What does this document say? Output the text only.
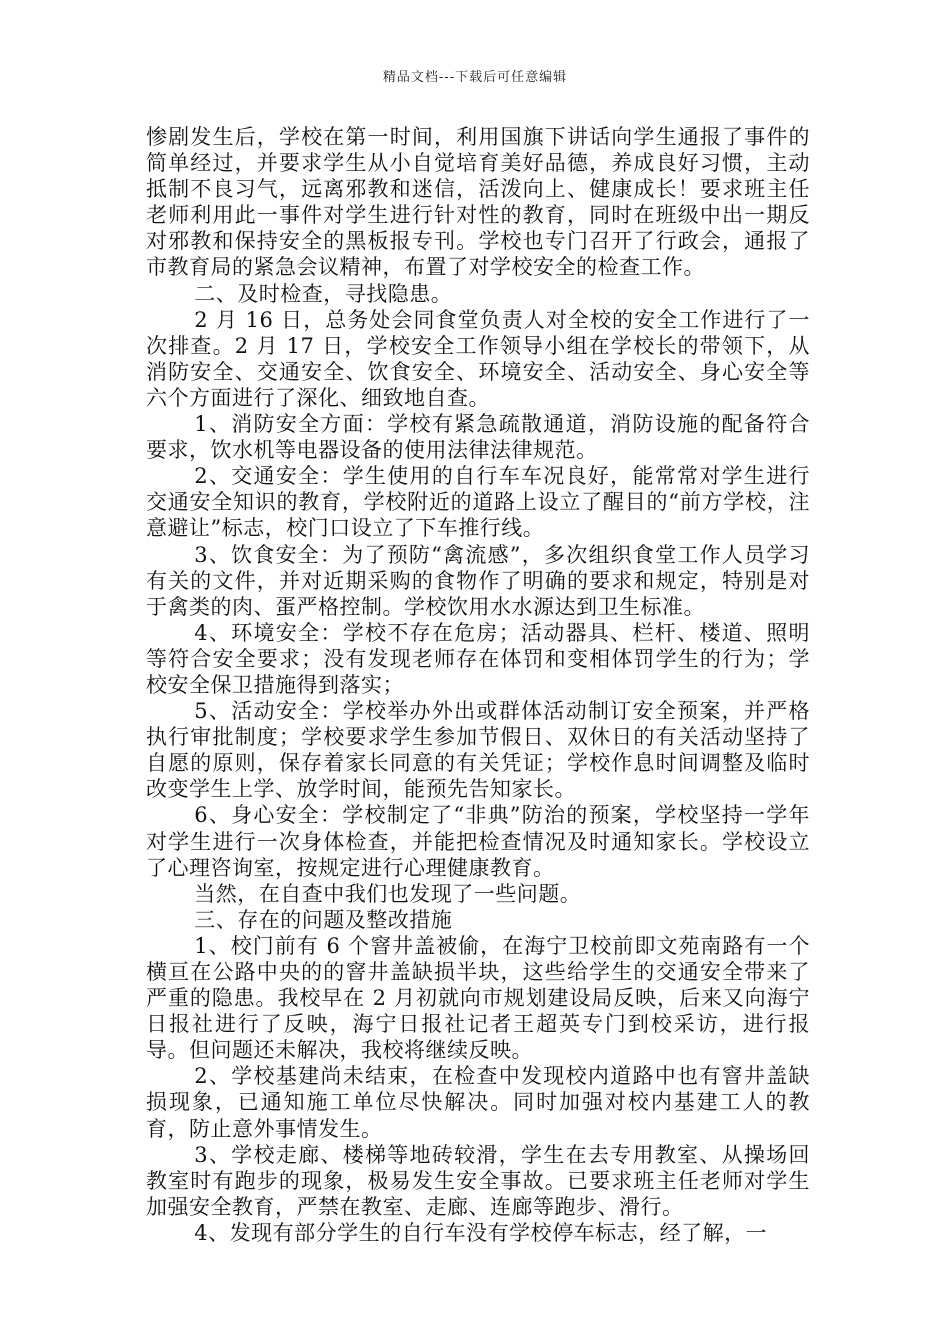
精品文档---下载后可任意编辑

惨剧发生后，学校在第一时间，利用国旗下讲话向学生通报了事件的简单经过，并要求学生从小自觉培育美好品德，养成良好习惯，主动抵制不良习气，远离邪教和迷信，活泼向上、健康成长！要求班主任老师利用此一事件对学生进行针对性的教育，同时在班级中出一期反对邪教和保持安全的黑板报专刊。学校也专门召开了行政会，通报了市教育局的紧急会议精神，布置了对学校安全的检查工作。

二、及时检查，寻找隐患。

2 月 16 日，总务处会同食堂负责人对全校的安全工作进行了一次排查。2 月 17 日，学校安全工作领导小组在学校长的带领下，从消防安全、交通安全、饮食安全、环境安全、活动安全、身心安全等六个方面进行了深化、细致地自查。

1、消防安全方面：学校有紧急疏散通道，消防设施的配备符合要求，饮水机等电器设备的使用法律法律规范。

2、交通安全：学生使用的自行车车况良好，能常常对学生进行交通安全知识的教育，学校附近的道路上设立了醒目的“前方学校，注意避让”标志，校门口设立了下车推行线。

3、饮食安全：为了预防“禽流感”，多次组织食堂工作人员学习有关的文件，并对近期采购的食物作了明确的要求和规定，特别是对于禽类的肉、蛋严格控制。学校饮用水水源达到卫生标准。

4、环境安全：学校不存在危房；活动器具、栏杆、楼道、照明等符合安全要求；没有发现老师存在体罚和变相体罚学生的行为；学校安全保卫措施得到落实；

5、活动安全：学校举办外出或群体活动制订安全预案，并严格执行审批制度；学校要求学生参加节假日、双休日的有关活动坚持了自愿的原则，保存着家长同意的有关凭证；学校作息时间调整及临时改变学生上学、放学时间，能预先告知家长。

6、身心安全：学校制定了“非典”防治的预案，学校坚持一学年对学生进行一次身体检查，并能把检查情况及时通知家长。学校设立了心理咨询室，按规定进行心理健康教育。

当然，在自查中我们也发现了一些问题。

三、存在的问题及整改措施

1、校门前有 6 个窨井盖被偷，在海宁卫校前即文苑南路有一个横亘在公路中央的的窨井盖缺损半块，这些给学生的交通安全带来了严重的隐患。我校早在 2 月初就向市规划建设局反映，后来又向海宁日报社进行了反映，海宁日报社记者王超英专门到校采访，进行报导。但问题还未解决，我校将继续反映。

2、学校基建尚未结束，在检查中发现校内道路中也有窨井盖缺损现象，已通知施工单位尽快解决。同时加强对校内基建工人的教育，防止意外事情发生。

3、学校走廊、楼梯等地砖较滑，学生在去专用教室、从操场回教室时有跑步的现象，极易发生安全事故。已要求班主任老师对学生加强安全教育，严禁在教室、走廊、连廊等跑步、滑行。

4、发现有部分学生的自行车没有学校停车标志，经了解，一
